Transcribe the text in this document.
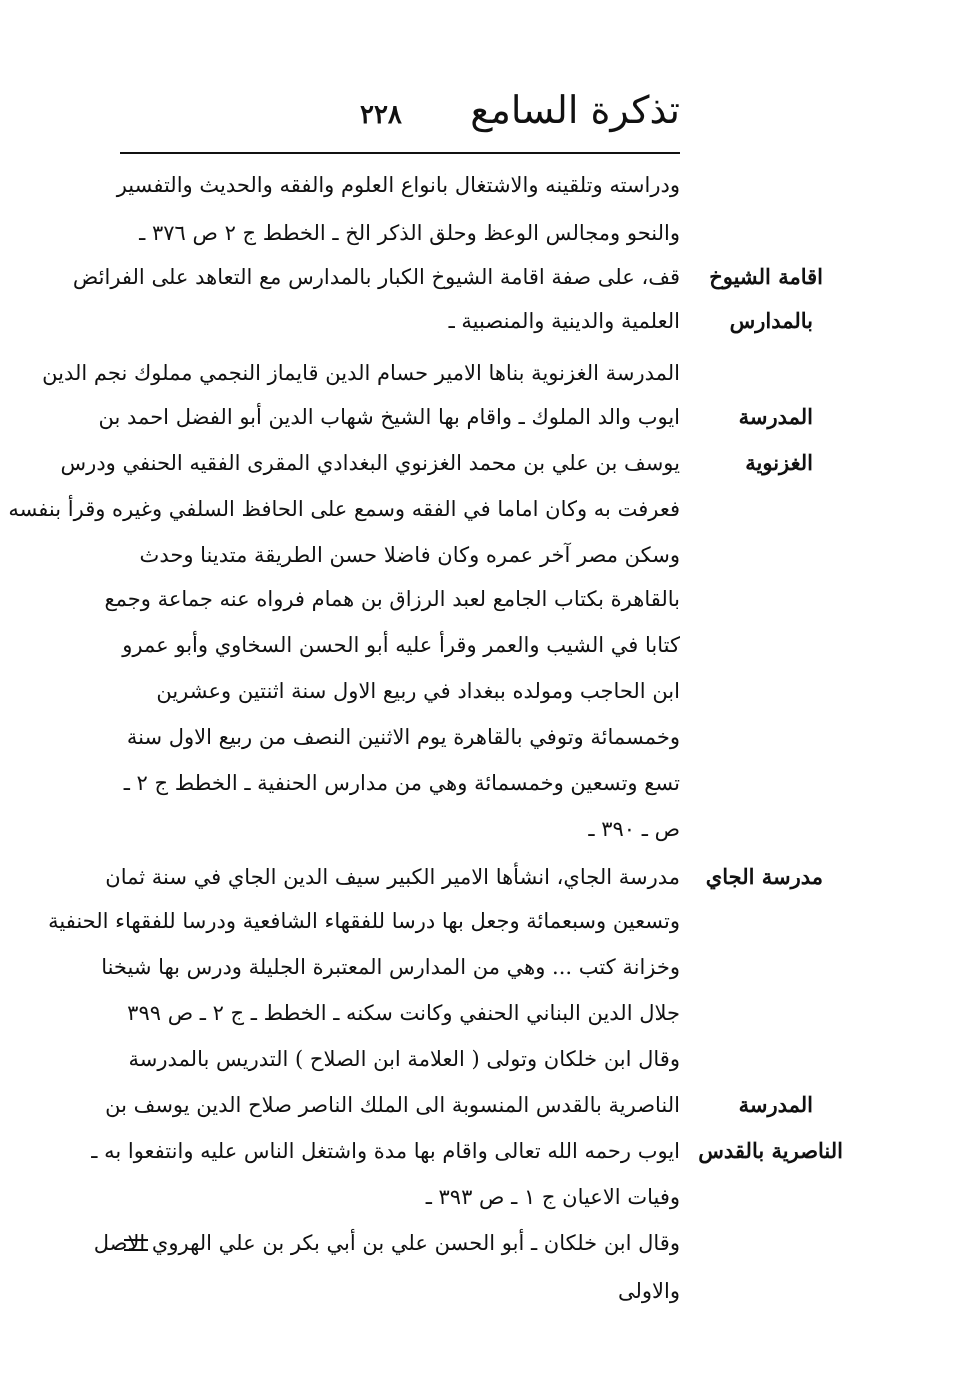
تذكرة السامع
٢٢٨
ودراسته وتلقينه والاشتغال بانواع العلوم والفقه والحديث والتفسير
والنحو ومجالس الوعظ وحلق الذكر الخ ـ الخطط ج ٢ ص ٣٧٦ ـ
قف، على صفة اقامة الشيوخ الكبار بالمدارس مع التعاهد على الفرائض
العلمية والدينية والمنصبية ـ
المدرسة الغزنوية بناها الامير حسام الدين قايماز النجمي مملوك نجم الدين
ايوب والد الملوك ـ واقام بها الشيخ شهاب الدين أبو الفضل احمد بن
يوسف بن علي بن محمد الغزنوي البغدادي المقرى الفقيه الحنفي ودرس
فعرفت به وكان اماما في الفقه وسمع على الحافظ السلفي وغيره وقرأ بنفسه
وسكن مصر آخر عمره وكان فاضلا حسن الطريقة متدينا وحدث
بالقاهرة بكتاب الجامع لعبد الرزاق بن همام فرواه عنه جماعة وجمع
كتابا في الشيب والعمر وقرأ عليه أبو الحسن السخاوي وأبو عمرو
ابن الحاجب ومولده ببغداد في ربيع الاول سنة اثنتين وعشرين
وخمسمائة وتوفي بالقاهرة يوم الاثنين النصف من ربيع الاول سنة
تسع وتسعين وخمسمائة وهي من مدارس الحنفية ـ الخطط ج ٢ ـ
ص ـ ٣٩٠ ـ
مدرسة الجاي، انشأها الامير الكبير سيف الدين الجاي في سنة ثمان
وتسعين وسبعمائة وجعل بها درسا للفقهاء الشافعية ودرسا للفقهاء الحنفية
وخزانة كتب ... وهي من المدارس المعتبرة الجليلة ودرس بها شيخنا
جلال الدين البناني الحنفي وكانت سكنه ـ الخطط ـ ج ٢ ـ ص ٣٩٩
وقال ابن خلكان وتولى ( العلامة ابن الصلاح ) التدريس بالمدرسة
الناصرية بالقدس المنسوبة الى الملك الناصر صلاح الدين يوسف بن
ايوب رحمه الله تعالى واقام بها مدة واشتغل الناس عليه وانتفعوا به ـ
وفيات الاعيان ج ١ ـ ص ٣٩٣ ـ
وقال ابن خلكان ـ أبو الحسن علي بن أبي بكر بن علي الهروي الاصل
والاولى
اقامة الشيوخ
بالمدارس
المدرسة
الغزنوية
مدرسة الجاي
المدرسة
الناصرية بالقدس
